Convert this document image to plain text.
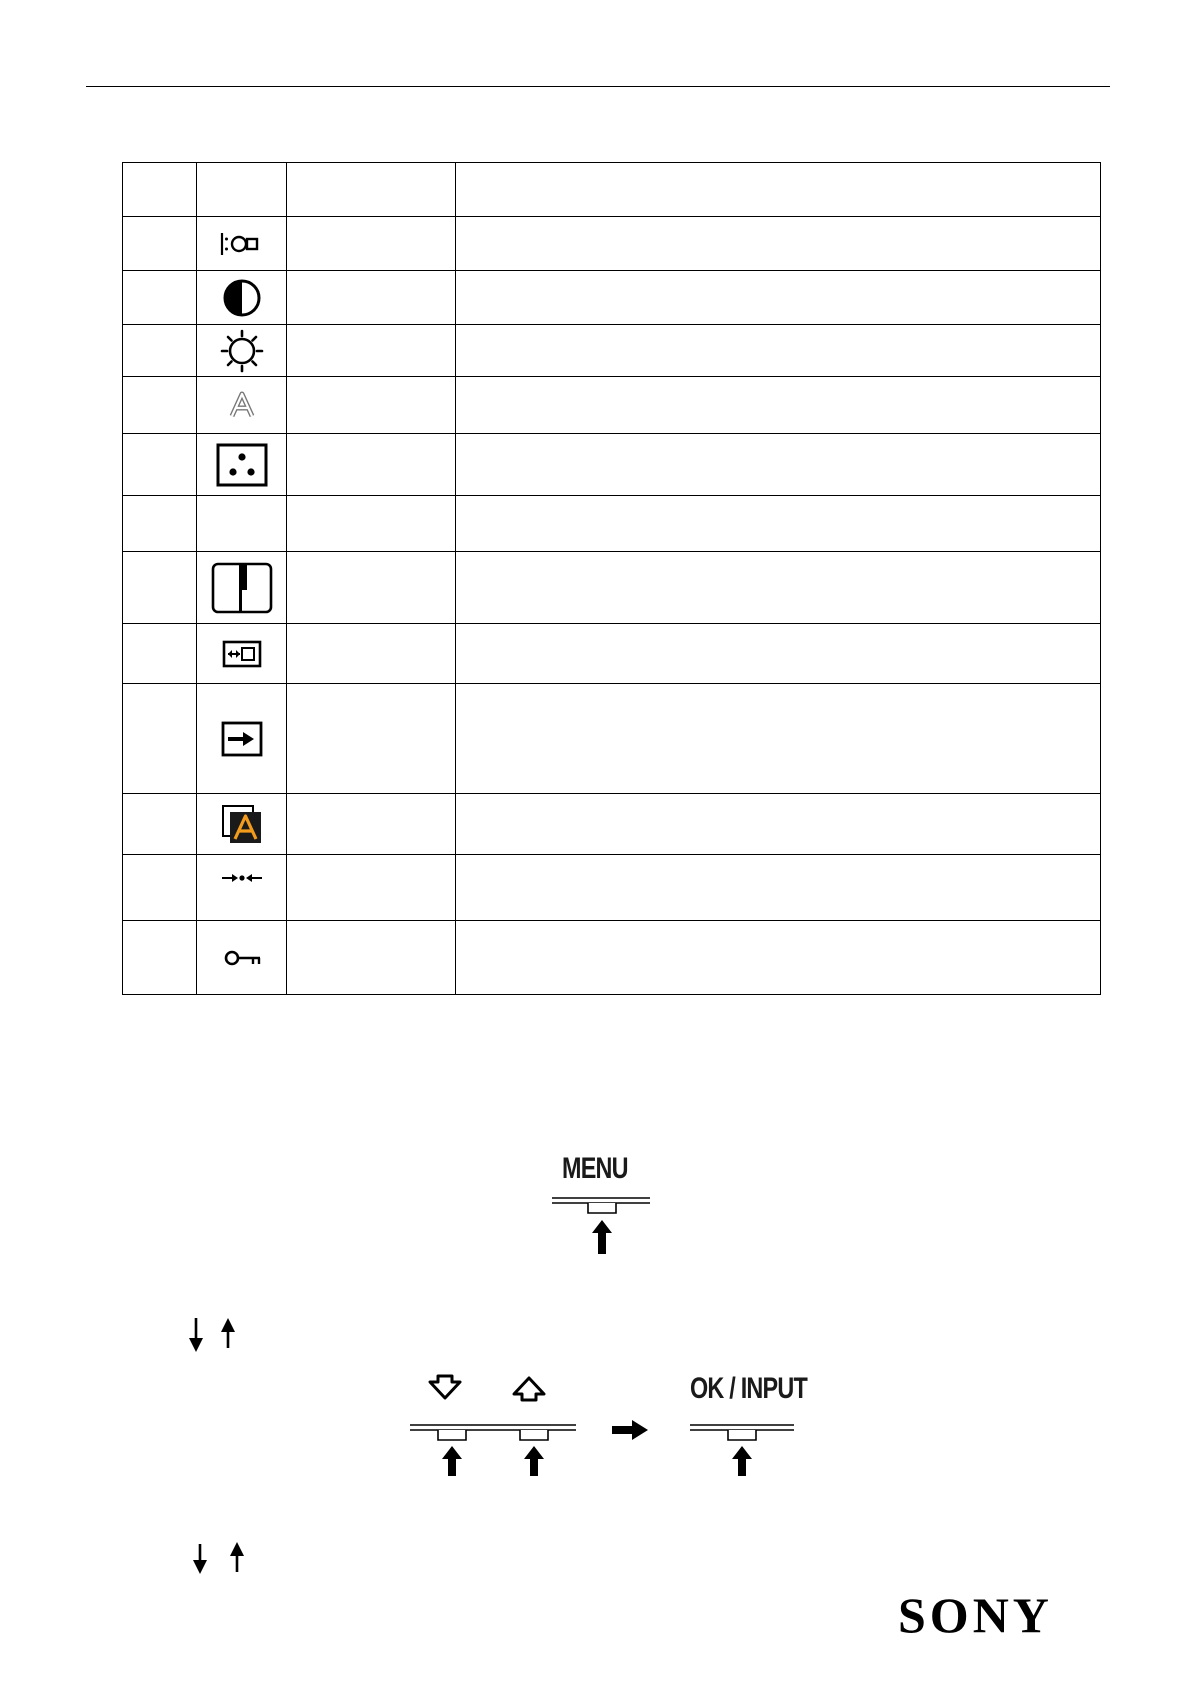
MENU
OK / INPUT
SONY
